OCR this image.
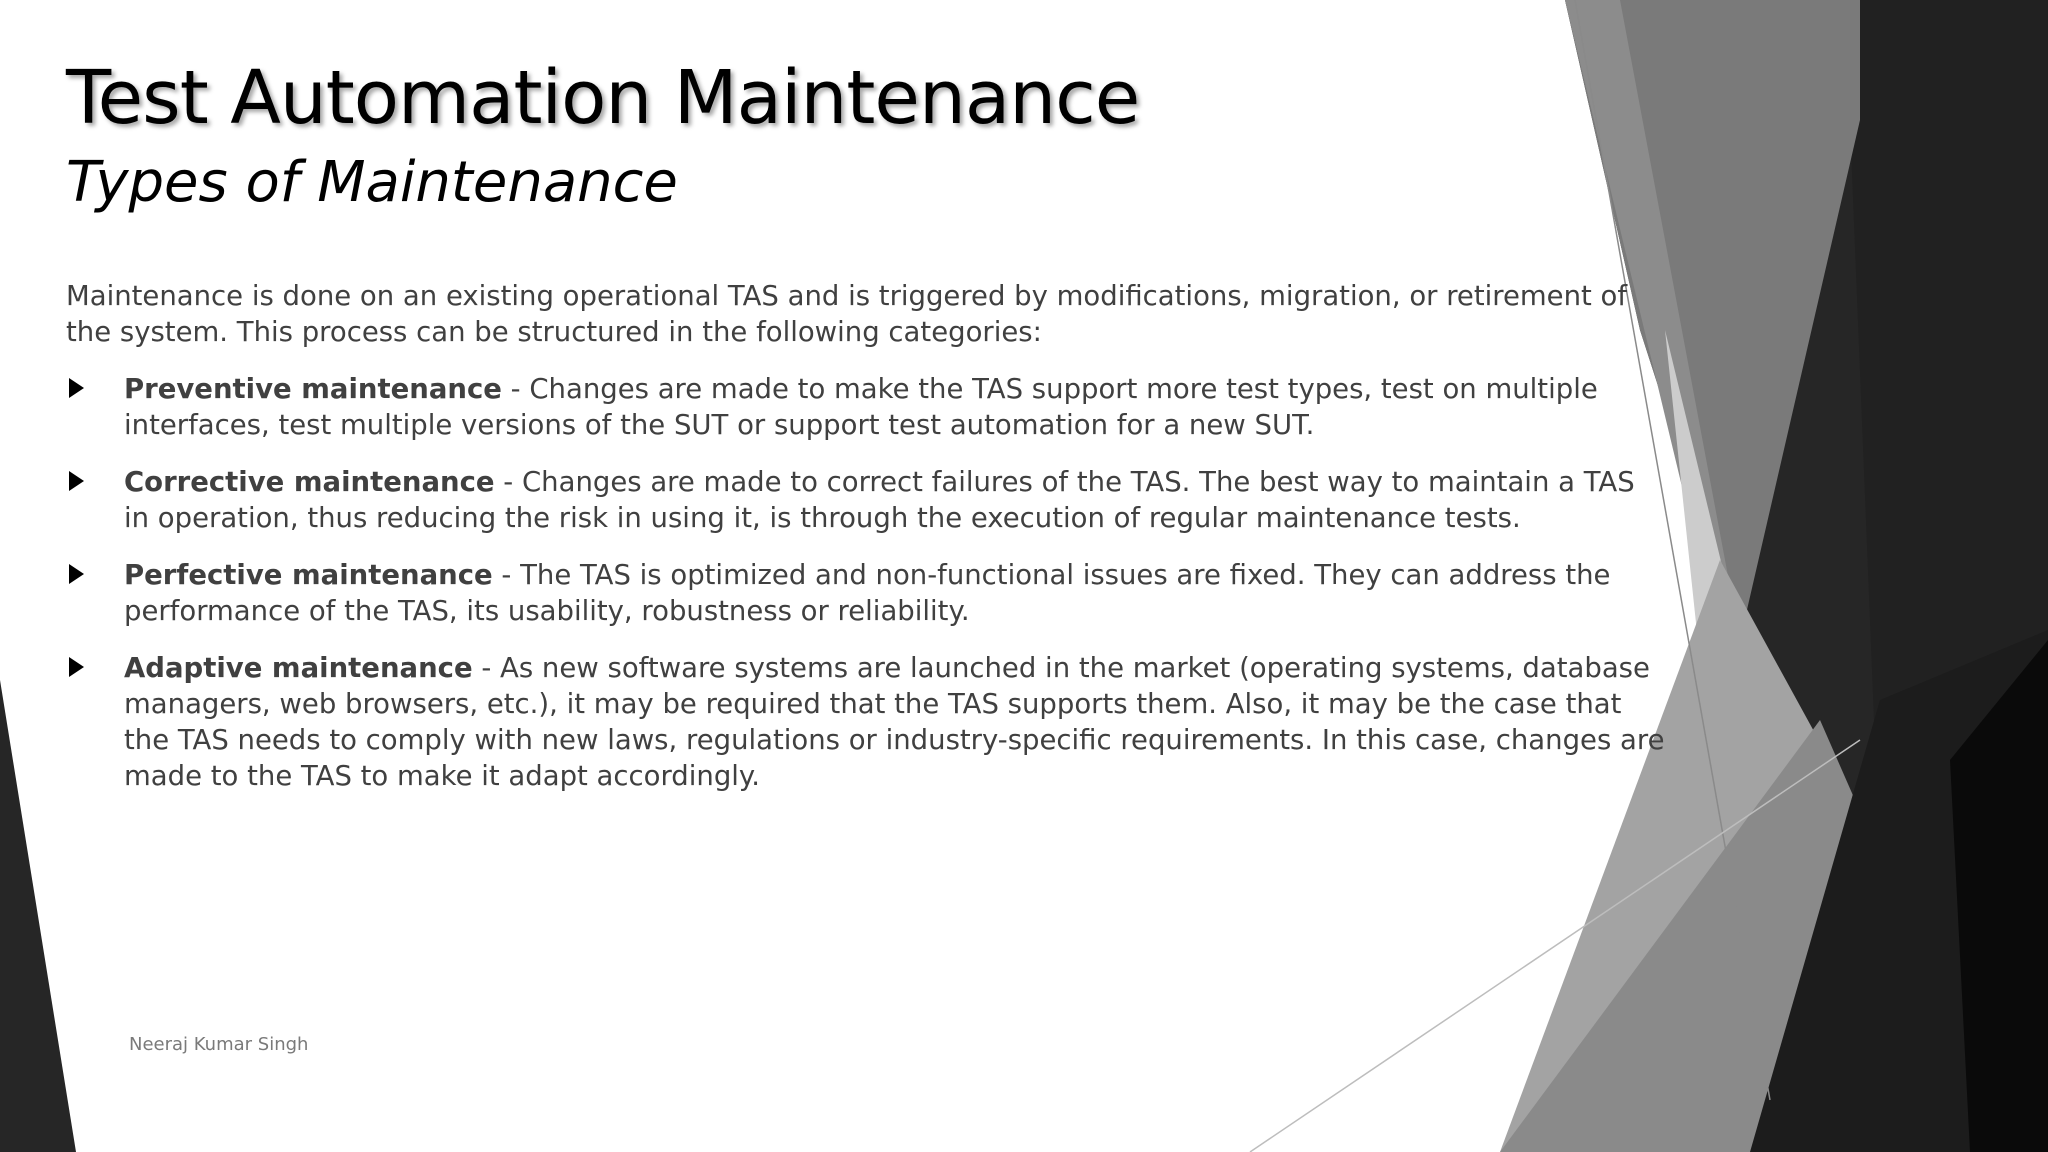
Test Automation Maintenance
Types of Maintenance

Maintenance is done on an existing operational TAS and is triggered by modifications, migration, or retirement of the system. This process can be structured in the following categories:

Preventive maintenance - Changes are made to make the TAS support more test types, test on multiple interfaces, test multiple versions of the SUT or support test automation for a new SUT.
Corrective maintenance - Changes are made to correct failures of the TAS. The best way to maintain a TAS in operation, thus reducing the risk in using it, is through the execution of regular maintenance tests.
Perfective maintenance - The TAS is optimized and non-functional issues are fixed. They can address the performance of the TAS, its usability, robustness or reliability.
Adaptive maintenance - As new software systems are launched in the market (operating systems, database managers, web browsers, etc.), it may be required that the TAS supports them. Also, it may be the case that the TAS needs to comply with new laws, regulations or industry-specific requirements. In this case, changes are made to the TAS to make it adapt accordingly.
Neeraj Kumar Singh
